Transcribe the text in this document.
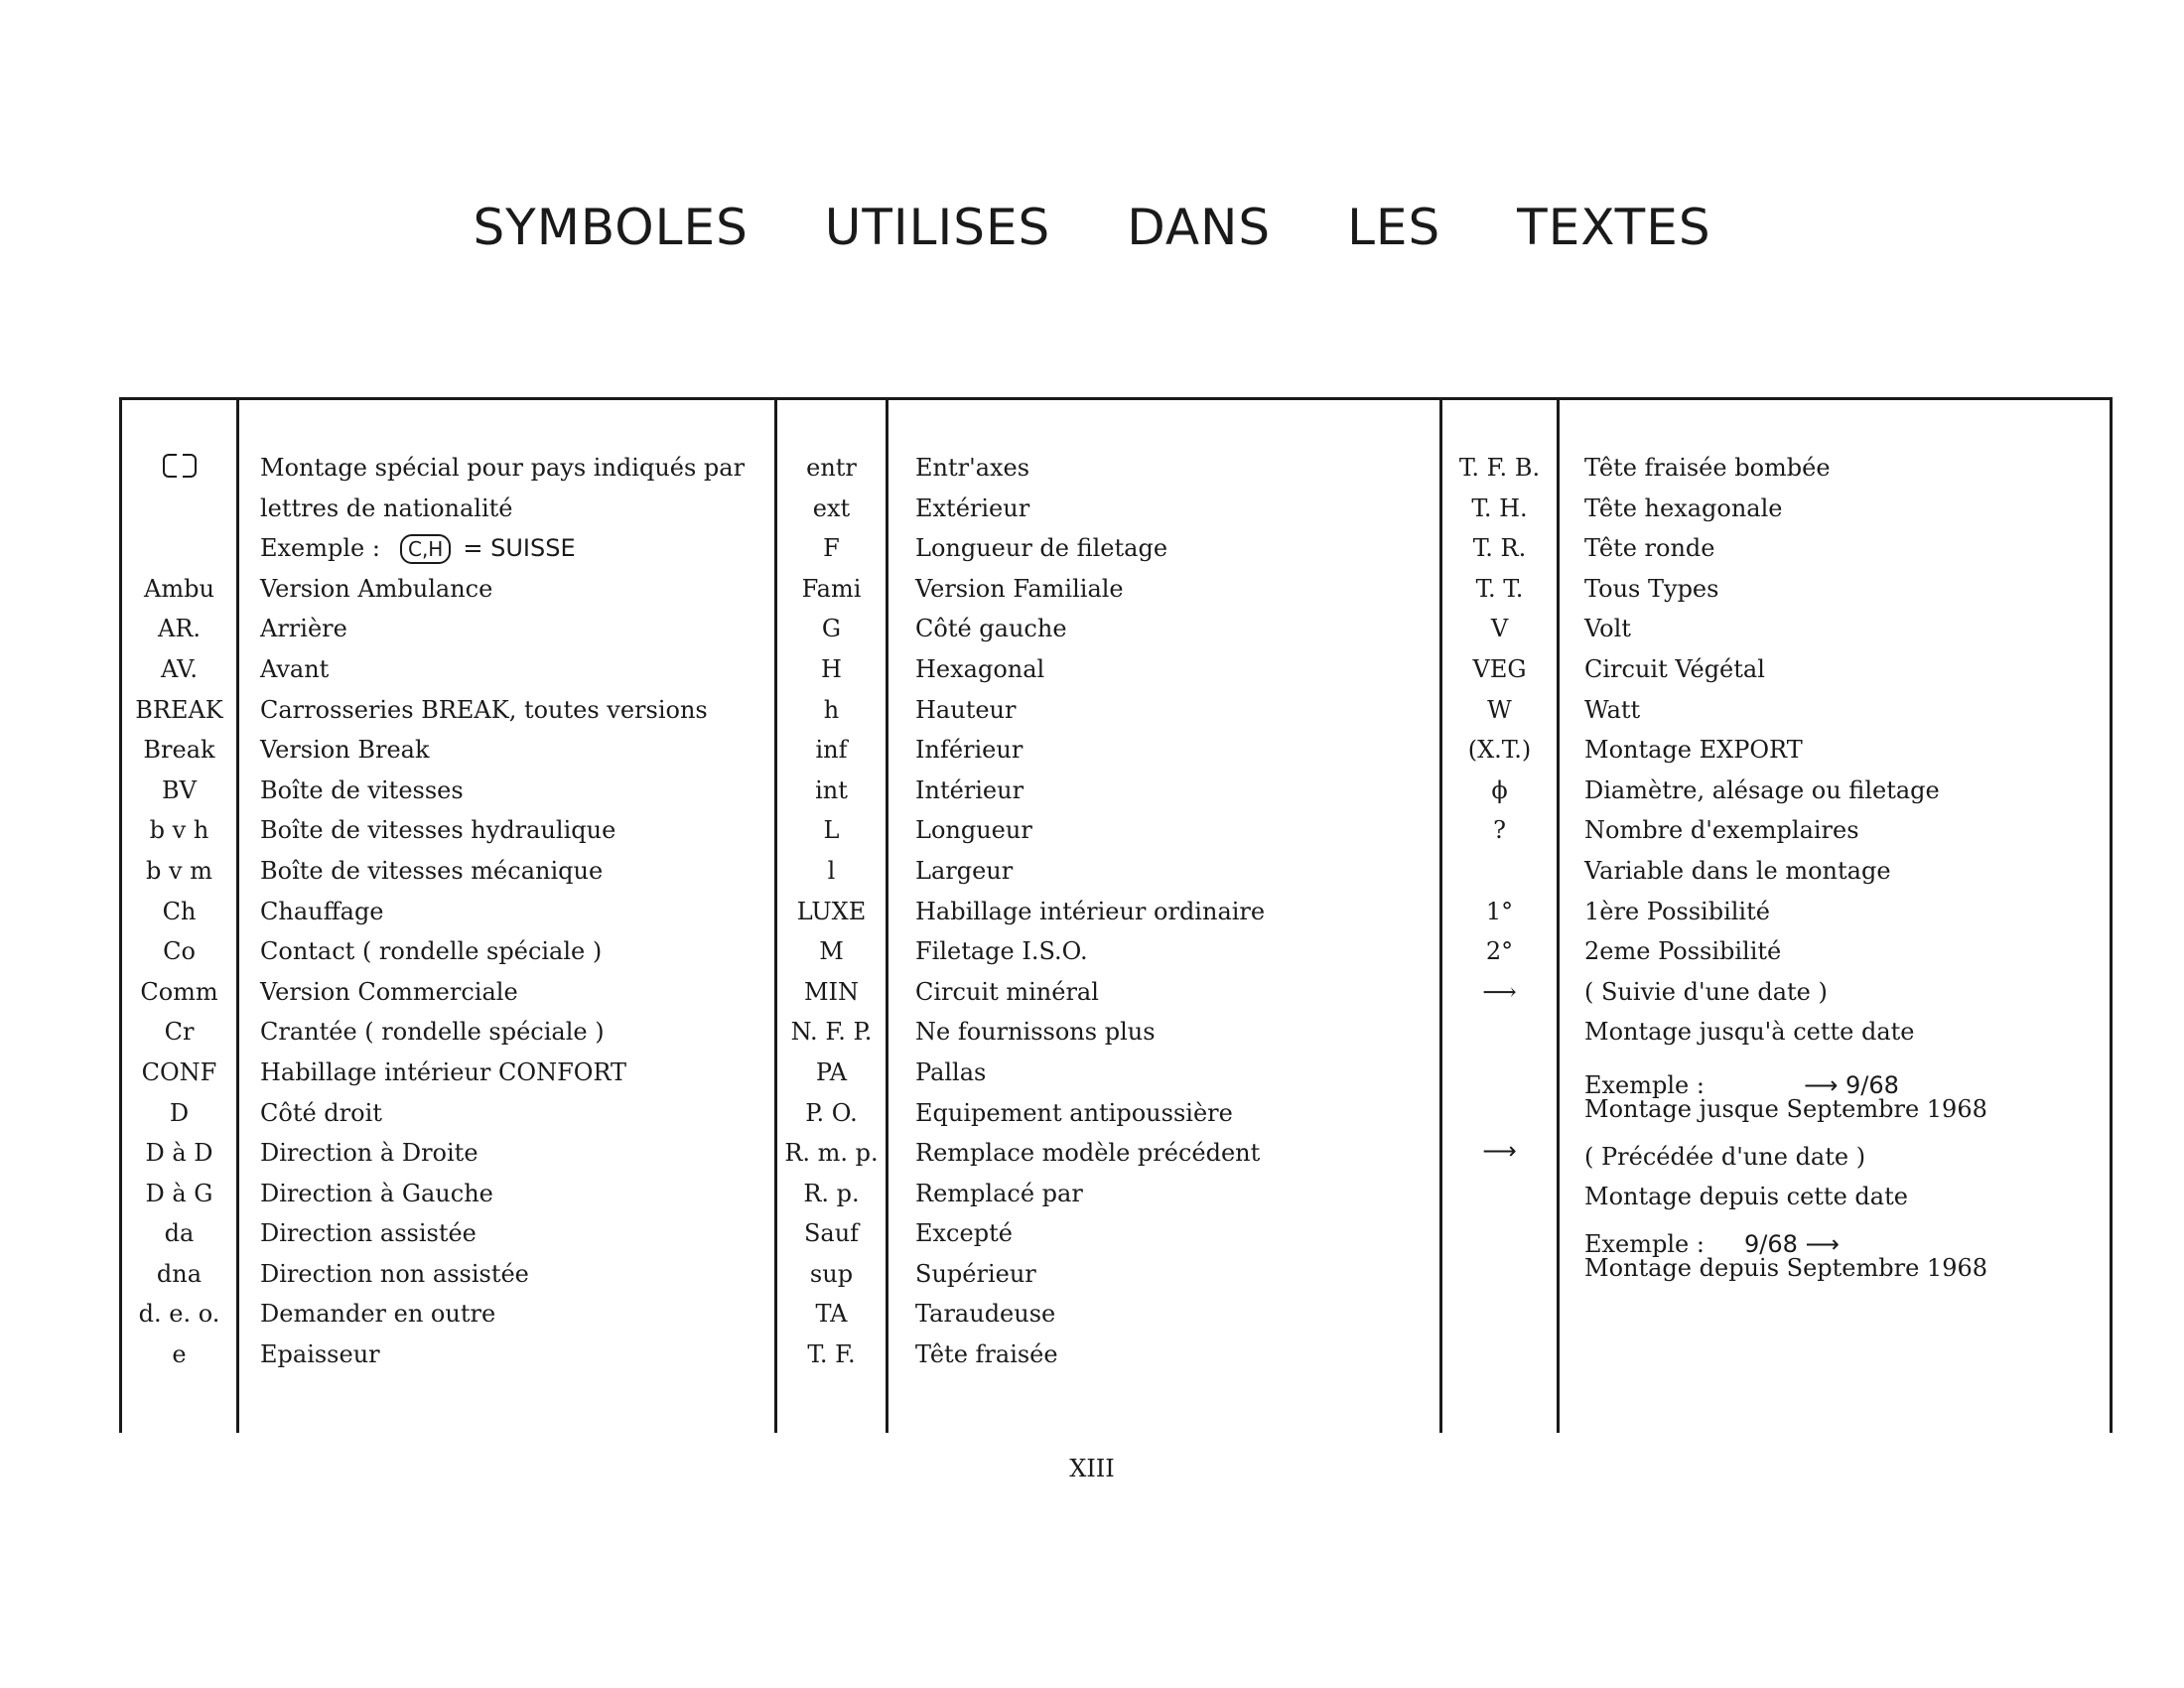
SYMBOLES UTILISES DANS LES TEXTES
Ambu
AR.
AV.
BREAK
Break
BV
b v h
b v m
Ch
Co
Comm
Cr
CONF
D
D à D
D à G
da
dna
d. e. o.
e
Montage spécial pour pays indiqués par
lettres de nationalité
Exemple : C,H = SUISSE
Version Ambulance
Arrière
Avant
Carrosseries BREAK, toutes versions
Version Break
Boîte de vitesses
Boîte de vitesses hydraulique
Boîte de vitesses mécanique
Chauffage
Contact ( rondelle spéciale )
Version Commerciale
Crantée ( rondelle spéciale )
Habillage intérieur CONFORT
Côté droit
Direction à Droite
Direction à Gauche
Direction assistée
Direction non assistée
Demander en outre
Epaisseur
entr
ext
F
Fami
G
H
h
inf
int
L
l
LUXE
M
MIN
N. F. P.
PA
P. O.
R. m. p.
R. p.
Sauf
sup
TA
T. F.
Entr'axes
Extérieur
Longueur de filetage
Version Familiale
Côté gauche
Hexagonal
Hauteur
Inférieur
Intérieur
Longueur
Largeur
Habillage intérieur ordinaire
Filetage I.S.O.
Circuit minéral
Ne fournissons plus
Pallas
Equipement antipoussière
Remplace modèle précédent
Remplacé par
Excepté
Supérieur
Taraudeuse
Tête fraisée
T. F. B.
T. H.
T. R.
T. T.
V
VEG
W
(X.T.)
ϕ
?
1°
2°
⟶
Tête fraisée bombée
Tête hexagonale
Tête ronde
Tous Types
Volt
Circuit Végétal
Watt
Montage EXPORT
Diamètre, alésage ou filetage
Nombre d'exemplaires
Variable dans le montage
1ère Possibilité
2eme Possibilité
( Suivie d'une date )
Montage jusqu'à cette date
Exemple :	⟶ 9/68
Montage jusque Septembre 1968
⟶	( Précédée d'une date )
Montage depuis cette date
Exemple : 9/68 ⟶
Montage depuis Septembre 1968
XIII
